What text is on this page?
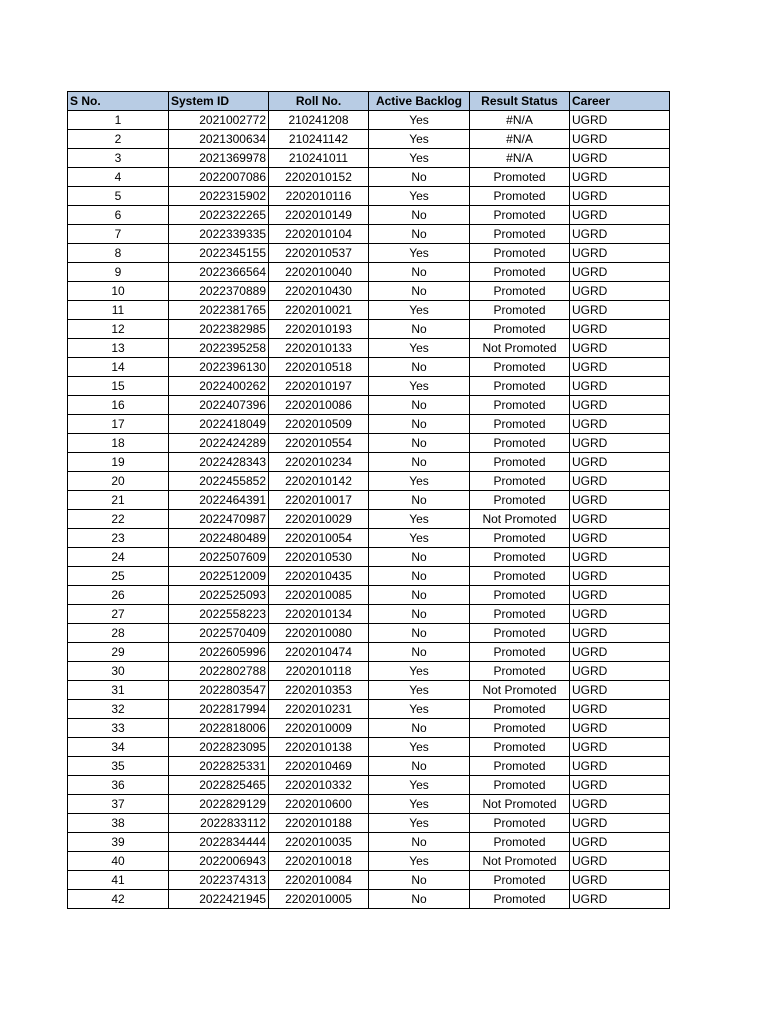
S No.	System ID	Roll No.	Active Backlog	Result Status	Career
1	2021002772	210241208	Yes	#N/A	UGRD
2	2021300634	210241142	Yes	#N/A	UGRD
3	2021369978	210241011	Yes	#N/A	UGRD
4	2022007086	2202010152	No	Promoted	UGRD
5	2022315902	2202010116	Yes	Promoted	UGRD
6	2022322265	2202010149	No	Promoted	UGRD
7	2022339335	2202010104	No	Promoted	UGRD
8	2022345155	2202010537	Yes	Promoted	UGRD
9	2022366564	2202010040	No	Promoted	UGRD
10	2022370889	2202010430	No	Promoted	UGRD
11	2022381765	2202010021	Yes	Promoted	UGRD
12	2022382985	2202010193	No	Promoted	UGRD
13	2022395258	2202010133	Yes	Not Promoted	UGRD
14	2022396130	2202010518	No	Promoted	UGRD
15	2022400262	2202010197	Yes	Promoted	UGRD
16	2022407396	2202010086	No	Promoted	UGRD
17	2022418049	2202010509	No	Promoted	UGRD
18	2022424289	2202010554	No	Promoted	UGRD
19	2022428343	2202010234	No	Promoted	UGRD
20	2022455852	2202010142	Yes	Promoted	UGRD
21	2022464391	2202010017	No	Promoted	UGRD
22	2022470987	2202010029	Yes	Not Promoted	UGRD
23	2022480489	2202010054	Yes	Promoted	UGRD
24	2022507609	2202010530	No	Promoted	UGRD
25	2022512009	2202010435	No	Promoted	UGRD
26	2022525093	2202010085	No	Promoted	UGRD
27	2022558223	2202010134	No	Promoted	UGRD
28	2022570409	2202010080	No	Promoted	UGRD
29	2022605996	2202010474	No	Promoted	UGRD
30	2022802788	2202010118	Yes	Promoted	UGRD
31	2022803547	2202010353	Yes	Not Promoted	UGRD
32	2022817994	2202010231	Yes	Promoted	UGRD
33	2022818006	2202010009	No	Promoted	UGRD
34	2022823095	2202010138	Yes	Promoted	UGRD
35	2022825331	2202010469	No	Promoted	UGRD
36	2022825465	2202010332	Yes	Promoted	UGRD
37	2022829129	2202010600	Yes	Not Promoted	UGRD
38	2022833112	2202010188	Yes	Promoted	UGRD
39	2022834444	2202010035	No	Promoted	UGRD
40	2022006943	2202010018	Yes	Not Promoted	UGRD
41	2022374313	2202010084	No	Promoted	UGRD
42	2022421945	2202010005	No	Promoted	UGRD
